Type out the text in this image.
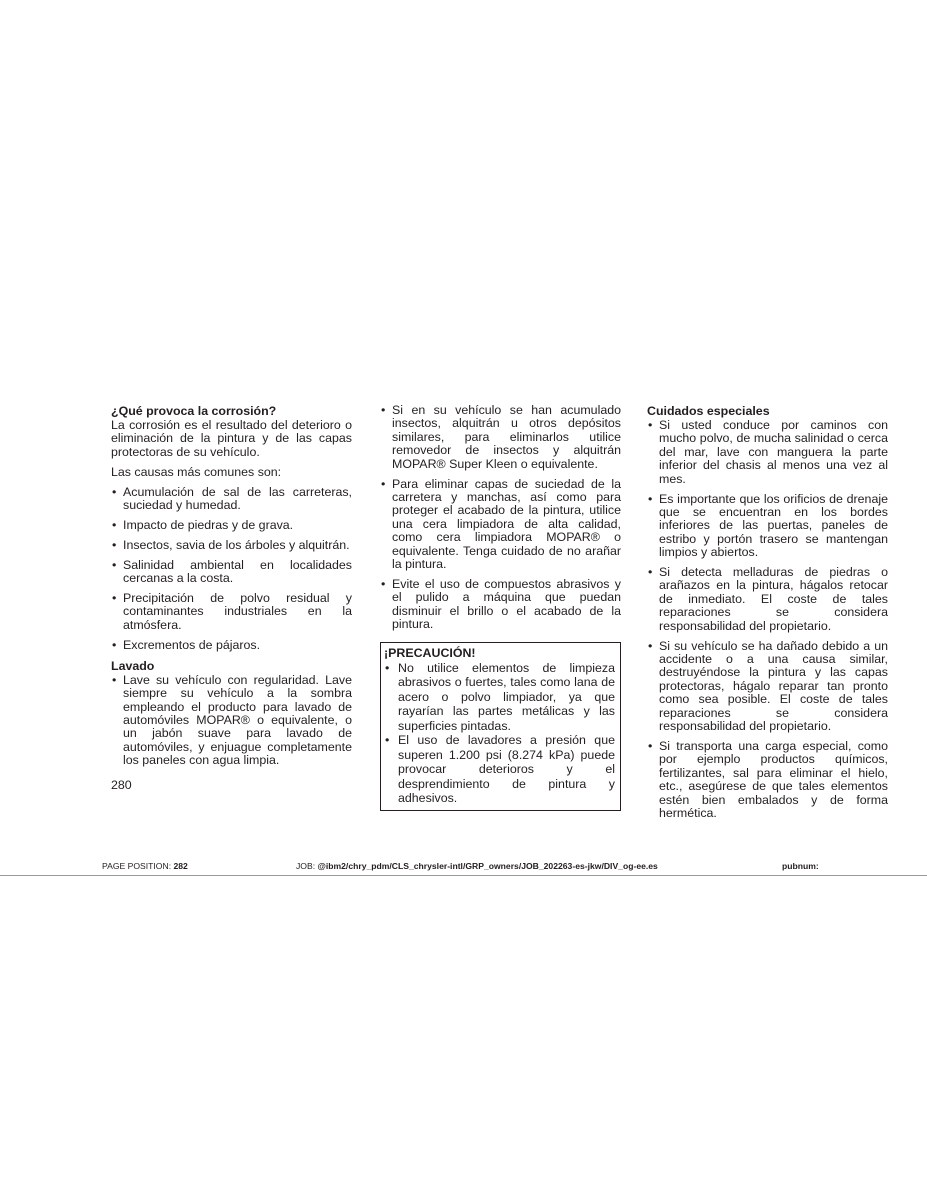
¿Qué provoca la corrosión?

La corrosión es el resultado del deterioro o eliminación de la pintura y de las capas protectoras de su vehículo.

Las causas más comunes son:

• Acumulación de sal de las carreteras, suciedad y humedad.
• Impacto de piedras y de grava.
• Insectos, savia de los árboles y alquitrán.
• Salinidad ambiental en localidades cercanas a la costa.
• Precipitación de polvo residual y contaminantes industriales en la atmósfera.
• Excrementos de pájaros.
Lavado
• Lave su vehículo con regularidad. Lave siempre su vehículo a la sombra empleando el producto para lavado de automóviles MOPAR® o equivalente, o un jabón suave para lavado de automóviles, y enjuague completamente los paneles con agua limpia.
• Si en su vehículo se han acumulado insectos, alquitrán u otros depósitos similares, para eliminarlos utilice removedor de insectos y alquitrán MOPAR® Super Kleen o equivalente.
• Para eliminar capas de suciedad de la carretera y manchas, así como para proteger el acabado de la pintura, utilice una cera limpiadora de alta calidad, como cera limpiadora MOPAR® o equivalente. Tenga cuidado de no arañar la pintura.
• Evite el uso de compuestos abrasivos y el pulido a máquina que puedan disminuir el brillo o el acabado de la pintura.
¡PRECAUCIÓN!
• No utilice elementos de limpieza abrasivos o fuertes, tales como lana de acero o polvo limpiador, ya que rayarían las partes metálicas y las superficies pintadas.
• El uso de lavadores a presión que superen 1.200 psi (8.274 kPa) puede provocar deterioros y el desprendimiento de pintura y adhesivos.
Cuidados especiales
• Si usted conduce por caminos con mucho polvo, de mucha salinidad o cerca del mar, lave con manguera la parte inferior del chasis al menos una vez al mes.
• Es importante que los orificios de drenaje que se encuentran en los bordes inferiores de las puertas, paneles de estribo y portón trasero se mantengan limpios y abiertos.
• Si detecta melladuras de piedras o arañazos en la pintura, hágalos retocar de inmediato. El coste de tales reparaciones se considera responsabilidad del propietario.
• Si su vehículo se ha dañado debido a un accidente o a una causa similar, destruyéndose la pintura y las capas protectoras, hágalo reparar tan pronto como sea posible. El coste de tales reparaciones se considera responsabilidad del propietario.
• Si transporta una carga especial, como por ejemplo productos químicos, fertilizantes, sal para eliminar el hielo, etc., asegúrese de que tales elementos estén bien embalados y de forma hermética.
280
PAGE POSITION: 282	JOB: @ibm2/chry_pdm/CLS_chrysler-intl/GRP_owners/JOB_202263-es-jkw/DIV_og-ee.es	pubnum:
